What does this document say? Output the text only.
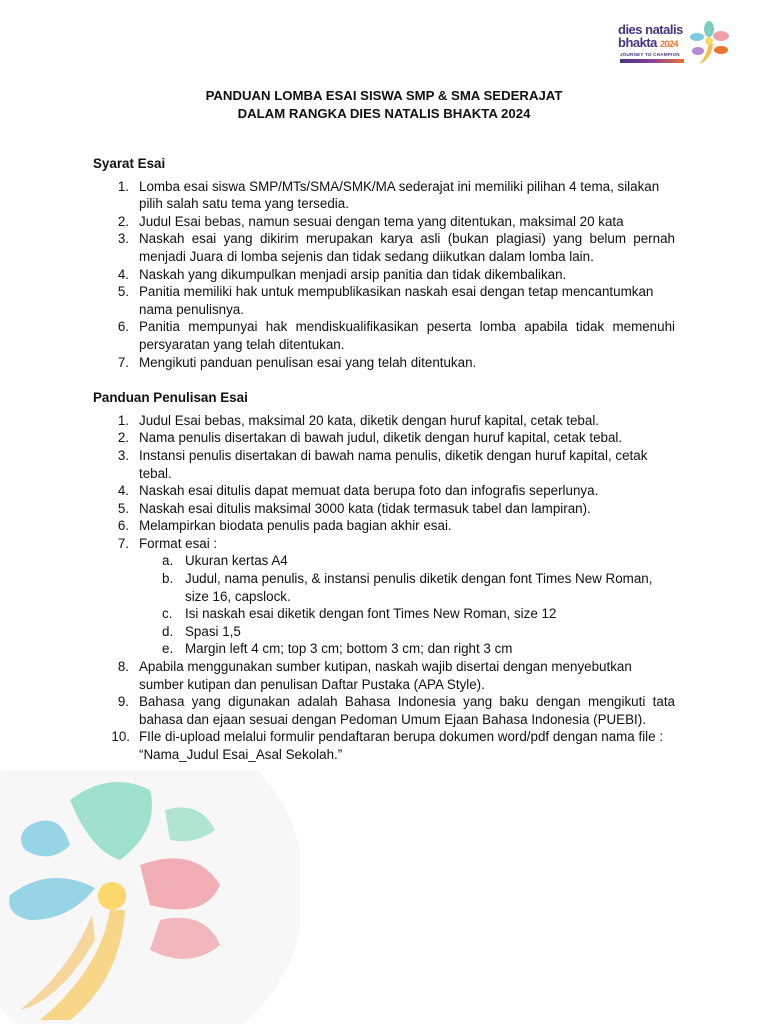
dies natalis
bhakta 2024
JOURNEY TO CHAMPION
PANDUAN LOMBA ESAI SISWA SMP & SMA SEDERAJAT
DALAM RANGKA DIES NATALIS BHAKTA 2024
Syarat Esai
1. Lomba esai siswa SMP/MTs/SMA/SMK/MA sederajat ini memiliki pilihan 4 tema, silakan pilih salah satu tema yang tersedia.
2. Judul Esai bebas, namun sesuai dengan tema yang ditentukan, maksimal 20 kata
3. Naskah esai yang dikirim merupakan karya asli (bukan plagiasi) yang belum pernah menjadi Juara di lomba sejenis dan tidak sedang diikutkan dalam lomba lain.
4. Naskah yang dikumpulkan menjadi arsip panitia dan tidak dikembalikan.
5. Panitia memiliki hak untuk mempublikasikan naskah esai dengan tetap mencantumkan nama penulisnya.
6. Panitia mempunyai hak mendiskualifikasikan peserta lomba apabila tidak memenuhi persyaratan yang telah ditentukan.
7. Mengikuti panduan penulisan esai yang telah ditentukan.
Panduan Penulisan Esai
1. Judul Esai bebas, maksimal 20 kata, diketik dengan huruf kapital, cetak tebal.
2. Nama penulis disertakan di bawah judul, diketik dengan huruf kapital, cetak tebal.
3. Instansi penulis disertakan di bawah nama penulis, diketik dengan huruf kapital, cetak tebal.
4. Naskah esai ditulis dapat memuat data berupa foto dan infografis seperlunya.
5. Naskah esai ditulis maksimal 3000 kata (tidak termasuk tabel dan lampiran).
6. Melampirkan biodata penulis pada bagian akhir esai.
7. Format esai :
a. Ukuran kertas A4
b. Judul, nama penulis, & instansi penulis diketik dengan font Times New Roman, size 16, capslock.
c. Isi naskah esai diketik dengan font Times New Roman, size 12
d. Spasi 1,5
e. Margin left 4 cm; top 3 cm; bottom 3 cm; dan right 3 cm
8. Apabila menggunakan sumber kutipan, naskah wajib disertai dengan menyebutkan sumber kutipan dan penulisan Daftar Pustaka (APA Style).
9. Bahasa yang digunakan adalah Bahasa Indonesia yang baku dengan mengikuti tata bahasa dan ejaan sesuai dengan Pedoman Umum Ejaan Bahasa Indonesia (PUEBI).
10. FIle di-upload melalui formulir pendaftaran berupa dokumen word/pdf dengan nama file : “Nama_Judul Esai_Asal Sekolah.”
